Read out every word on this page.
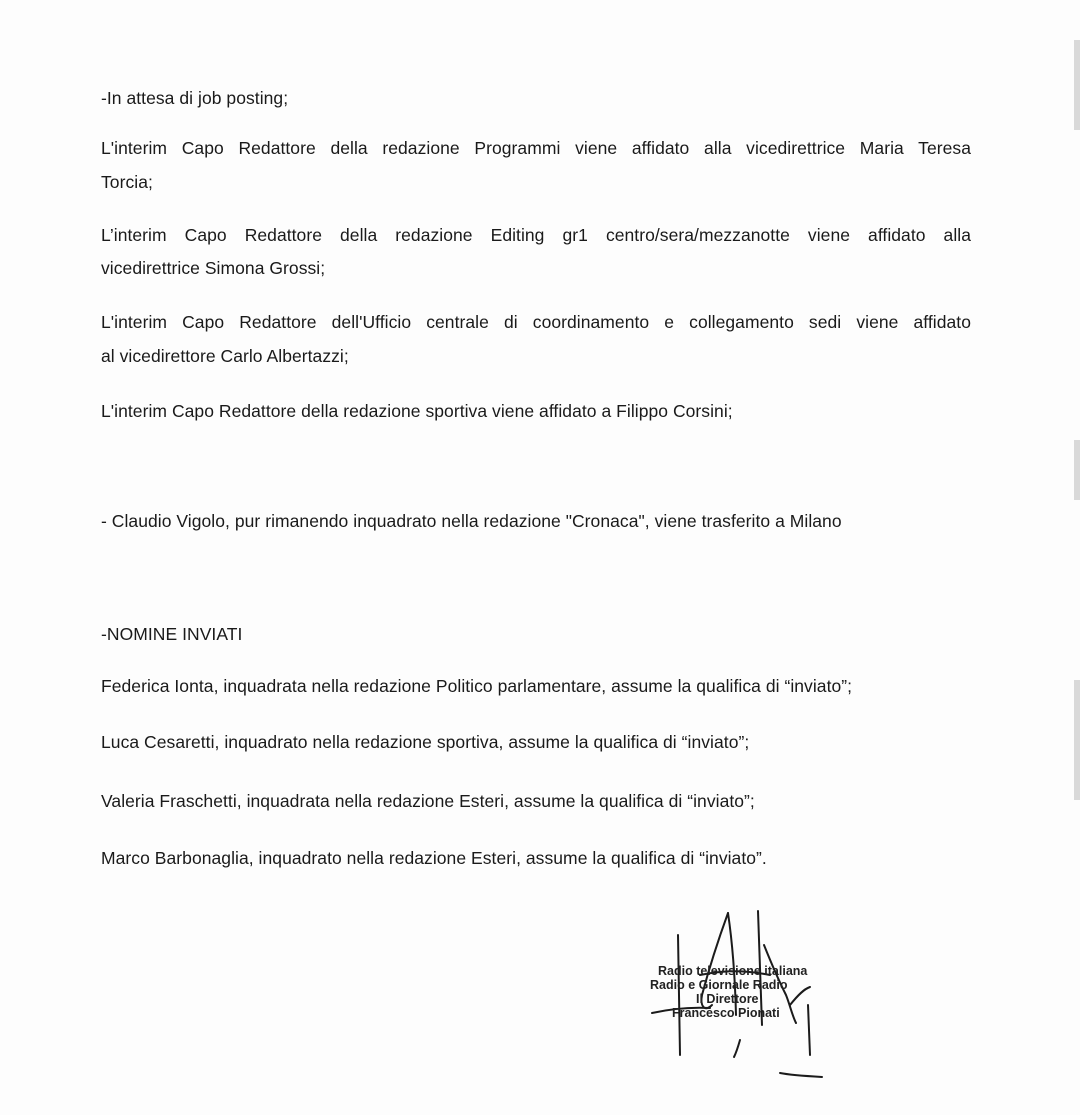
-In attesa di job posting;
L'interim Capo Redattore della redazione Programmi viene affidato alla vicedirettrice Maria Teresa
Torcia;
L’interim Capo Redattore della redazione Editing gr1 centro/sera/mezzanotte viene affidato alla
vicedirettrice Simona Grossi;
L'interim Capo Redattore dell'Ufficio centrale di coordinamento e collegamento sedi viene affidato
al vicedirettore Carlo Albertazzi;
L'interim Capo Redattore della redazione sportiva viene affidato a Filippo Corsini;
- Claudio Vigolo, pur rimanendo inquadrato nella redazione "Cronaca", viene trasferito a Milano
-NOMINE INVIATI
Federica Ionta, inquadrata nella redazione Politico parlamentare, assume la qualifica di “inviato”;
Luca Cesaretti, inquadrato nella redazione sportiva, assume la qualifica di “inviato”;
Valeria Fraschetti, inquadrata nella redazione Esteri, assume la qualifica di “inviato”;
Marco Barbonaglia, inquadrato nella redazione Esteri, assume la qualifica di “inviato”.
Radio televisione italiana
Radio e Giornale Radio
Il Direttore
Francesco Pionati
